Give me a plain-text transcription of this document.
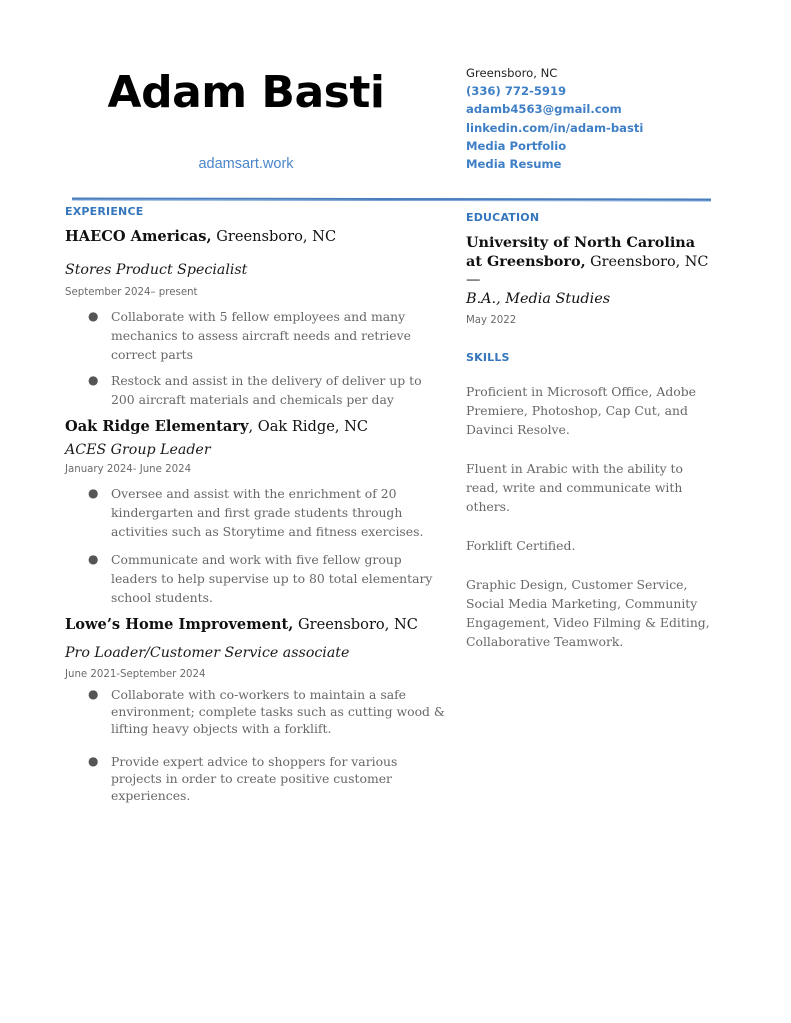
Adam Basti
adamsart.work
Greensboro, NC
(336) 772-5919
adamb4563@gmail.com
linkedin.com/in/adam-basti
Media Portfolio
Media Resume
EXPERIENCE
HAECO Americas, Greensboro, NC
Stores Product Specialist
September 2024– present
● Collaborate with 5 fellow employees and many mechanics to assess aircraft needs and retrieve correct parts
● Restock and assist in the delivery of deliver up to 200 aircraft materials and chemicals per day
Oak Ridge Elementary, Oak Ridge, NC
ACES Group Leader
January 2024- June 2024
● Oversee and assist with the enrichment of 20 kindergarten and first grade students through activities such as Storytime and fitness exercises.
● Communicate and work with five fellow group leaders to help supervise up to 80 total elementary school students.
Lowe’s Home Improvement, Greensboro, NC
Pro Loader/Customer Service associate
June 2021-September 2024
● Collaborate with co-workers to maintain a safe environment; complete tasks such as cutting wood & lifting heavy objects with a forklift.
● Provide expert advice to shoppers for various projects in order to create positive customer experiences.
EDUCATION
University of North Carolina at Greensboro, Greensboro, NC —
B.A., Media Studies
May 2022
SKILLS
Proficient in Microsoft Office, Adobe Premiere, Photoshop, Cap Cut, and Davinci Resolve.
Fluent in Arabic with the ability to read, write and communicate with others.
Forklift Certified.
Graphic Design, Customer Service, Social Media Marketing, Community Engagement, Video Filming & Editing, Collaborative Teamwork.
